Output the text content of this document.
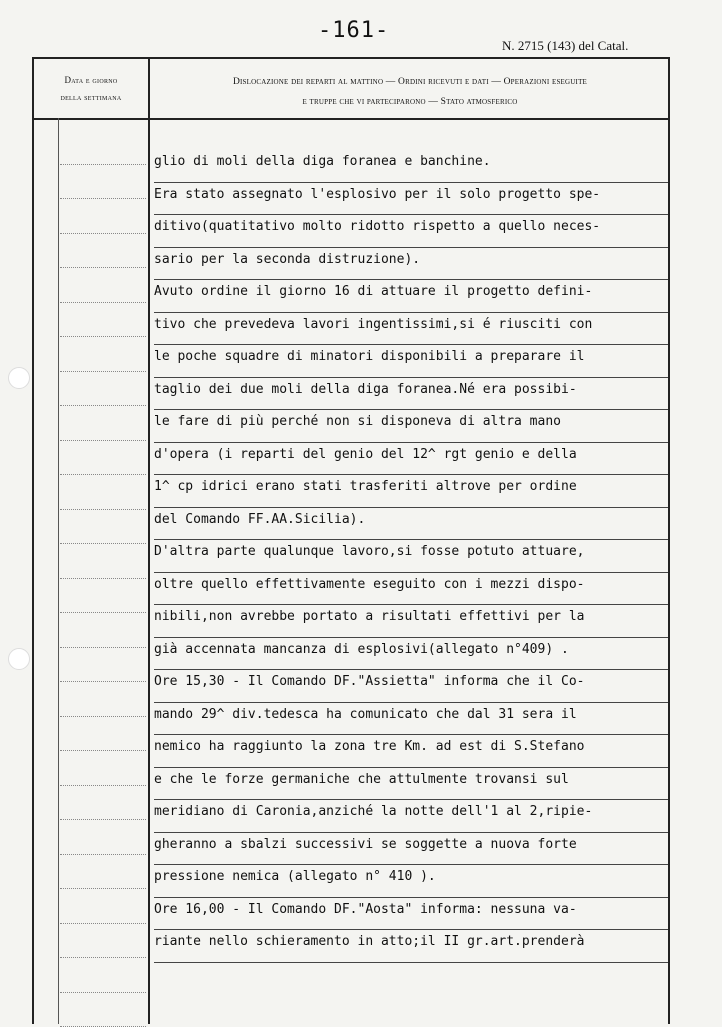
-161-
N. 2715 (143) del Catal.
Data e giorno
della settimana
Dislocazione dei reparti al mattino — Ordini ricevuti e dati — Operazioni eseguite
e truppe che vi parteciparono — Stato atmosferico
glio di moli della diga foranea e banchine.
Era stato assegnato l'esplosivo per il solo progetto spe-
ditivo(quatitativo molto ridotto rispetto a quello neces-
sario per la seconda distruzione).
Avuto ordine il giorno 16 di attuare il progetto defini-
tivo che prevedeva lavori ingentissimi,si é riusciti con
le poche squadre di minatori disponibili a preparare il
taglio dei due moli della diga foranea.Né era possibi-
le fare di più perché non si disponeva di altra mano
d'opera (i reparti del genio del 12^ rgt genio e della
1^ cp idrici erano stati trasferiti altrove per ordine
del Comando FF.AA.Sicilia).
D'altra parte qualunque lavoro,si fosse potuto attuare,
oltre quello effettivamente eseguito con i mezzi dispo-
nibili,non avrebbe portato a risultati effettivi per la
già accennata mancanza di esplosivi(allegato n°409) .
Ore 15,30 - Il Comando DF."Assietta" informa che il Co-
mando 29^ div.tedesca ha comunicato che dal 31 sera il
nemico ha raggiunto la zona tre Km. ad est di S.Stefano
e che le forze germaniche che attulmente trovansi sul
meridiano di Caronia,anziché la notte dell'1 al 2,ripie-
gheranno a sbalzi successivi se soggette a nuova forte
pressione nemica (allegato n° 410 ).
Ore 16,00 - Il Comando DF."Aosta" informa: nessuna va-
riante nello schieramento in atto;il II gr.art.prenderà
